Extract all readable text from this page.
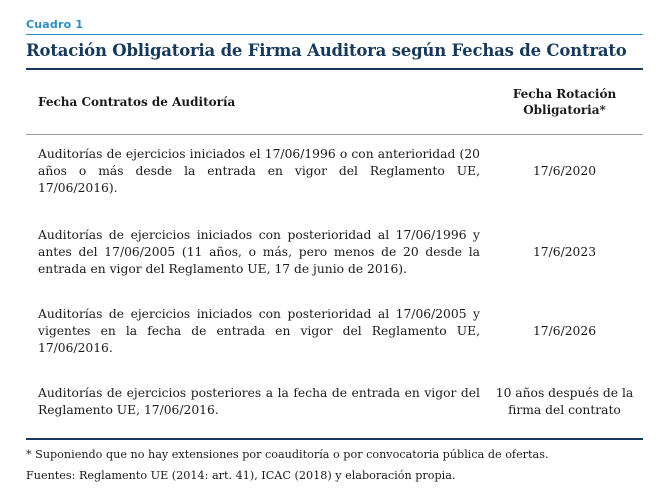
Cuadro 1
Rotación Obligatoria de Firma Auditora según Fechas de Contrato
Fecha Contratos de Auditoría	Fecha Rotación Obligatoria*
Auditorías de ejercicios iniciados el 17/06/1996 o con anterioridad (20 años o más desde la entrada en vigor del Reglamento UE, 17/06/2016).	17/6/2020
Auditorías de ejercicios iniciados con posterioridad al 17/06/1996 y antes del 17/06/2005 (11 años, o más, pero menos de 20 desde la entrada en vigor del Reglamento UE, 17 de junio de 2016).	17/6/2023
Auditorías de ejercicios iniciados con posterioridad al 17/06/2005 y vigentes en la fecha de entrada en vigor del Reglamento UE, 17/06/2016.	17/6/2026
Auditorías de ejercicios posteriores a la fecha de entrada en vigor del Reglamento UE, 17/06/2016.	10 años después de la firma del contrato
* Suponiendo que no hay extensiones por coauditoría o por convocatoria pública de ofertas.
Fuentes: Reglamento UE (2014: art. 41), ICAC (2018) y elaboración propia.
